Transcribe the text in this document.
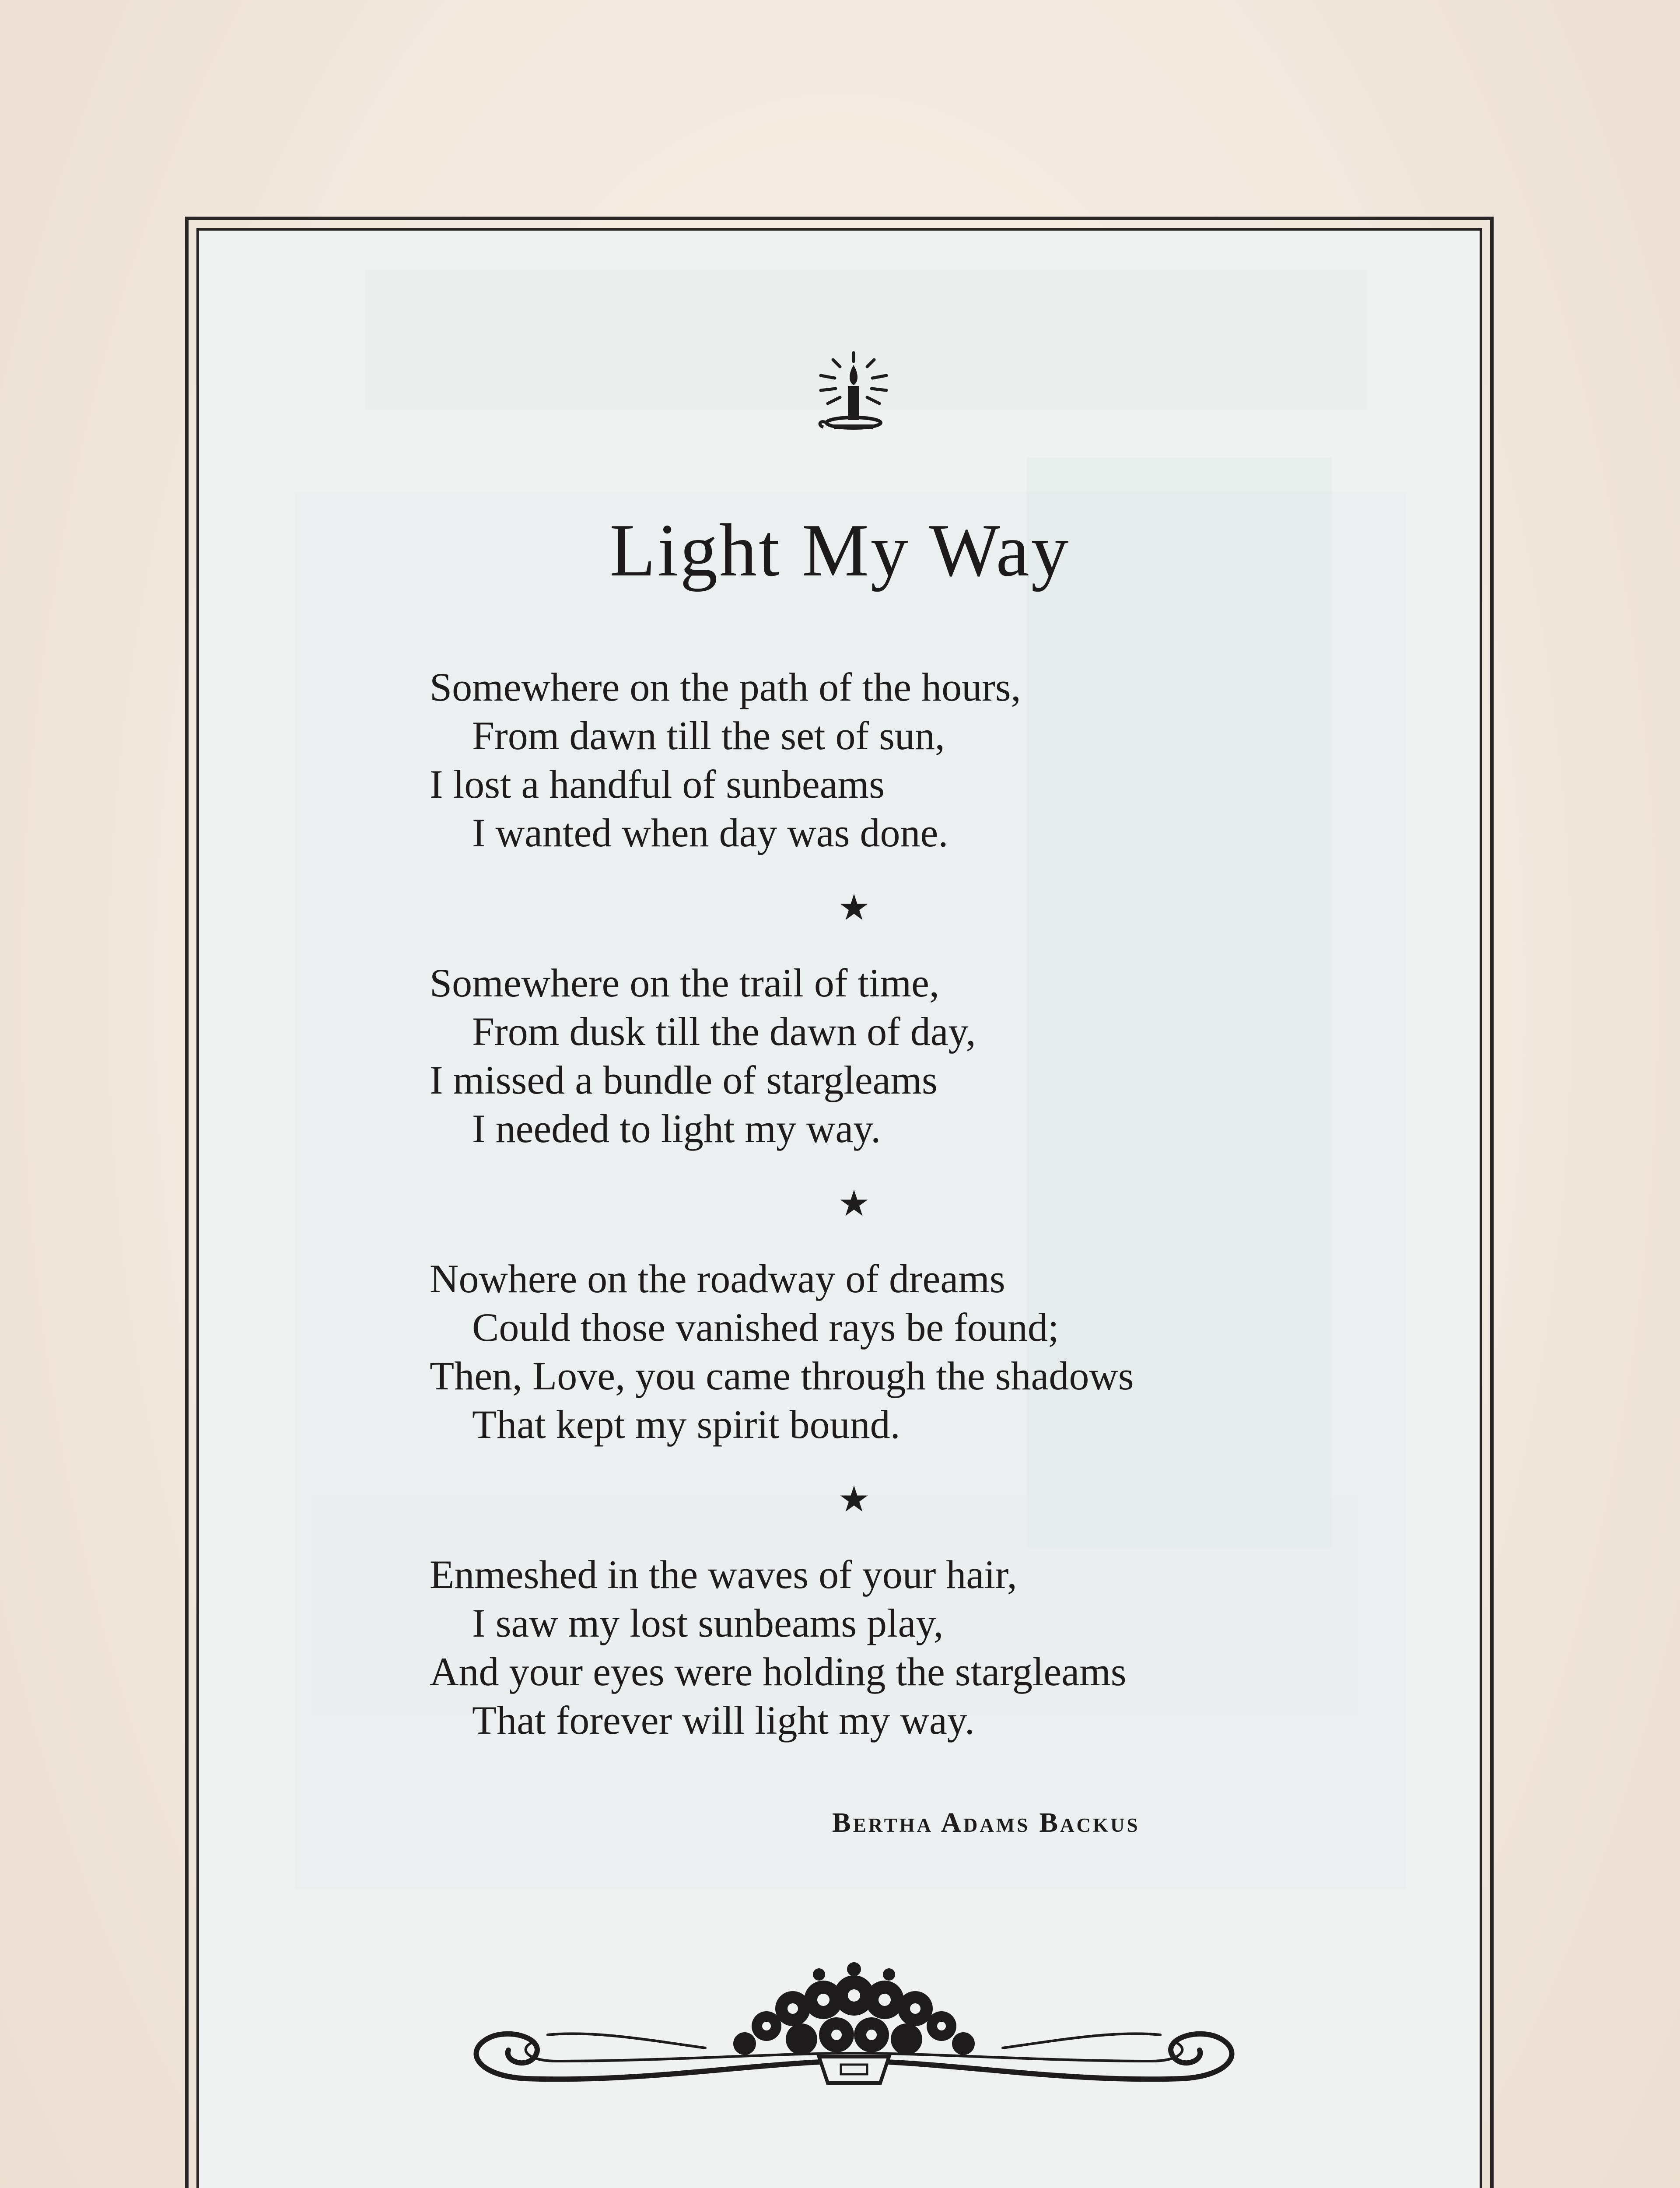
Light My Way
Somewhere on the path of the hours,
From dawn till the set of sun,
I lost a handful of sunbeams
I wanted when day was done.
★
Somewhere on the trail of time,
From dusk till the dawn of day,
I missed a bundle of stargleams
I needed to light my way.
★
Nowhere on the roadway of dreams
Could those vanished rays be found;
Then, Love, you came through the shadows
That kept my spirit bound.
★
Enmeshed in the waves of your hair,
I saw my lost sunbeams play,
And your eyes were holding the stargleams
That forever will light my way.
Bertha Adams Backus
